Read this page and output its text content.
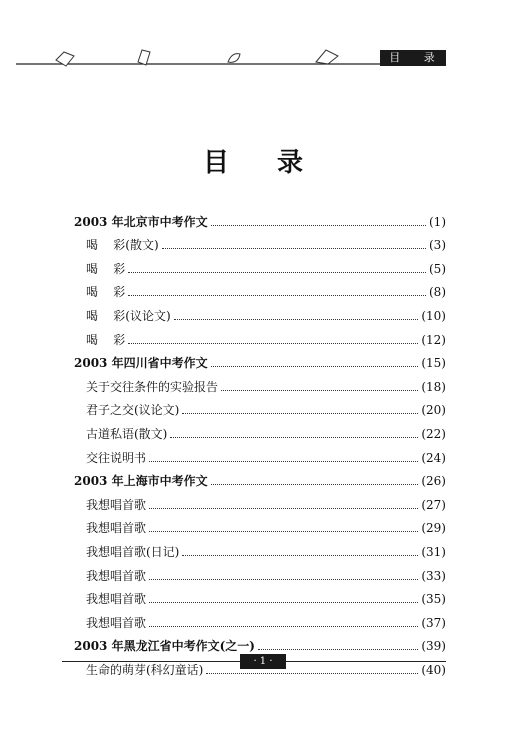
目 录
目录
2003 年北京市中考作文	(1)
喝    彩(散文)	(3)
喝    彩	(5)
喝    彩	(8)
喝    彩(议论文)	(10)
喝    彩	(12)
2003 年四川省中考作文	(15)
关于交往条件的实验报告	(18)
君子之交(议论文)	(20)
古道私语(散文)	(22)
交往说明书	(24)
2003 年上海市中考作文	(26)
我想唱首歌	(27)
我想唱首歌	(29)
我想唱首歌(日记)	(31)
我想唱首歌	(33)
我想唱首歌	(35)
我想唱首歌	(37)
2003 年黑龙江省中考作文(之一)	(39)
生命的萌芽(科幻童话)	(40)
· 1 ·
